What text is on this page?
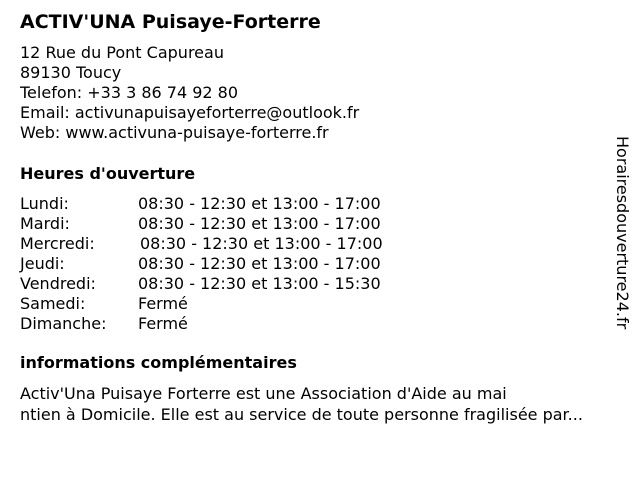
ACTIV'UNA Puisaye-Forterre
12 Rue du Pont Capureau
89130 Toucy
Telefon: +33 3 86 74 92 80
Email: activunapuisayeforterre@outlook.fr
Web: www.activuna-puisaye-forterre.fr
Heures d'ouverture
Lundi:	08:30 - 12:30 et 13:00 - 17:00
Mardi:	08:30 - 12:30 et 13:00 - 17:00
Mercredi:	08:30 - 12:30 et 13:00 - 17:00
Jeudi:	08:30 - 12:30 et 13:00 - 17:00
Vendredi:	08:30 - 12:30 et 13:00 - 15:30
Samedi:	Fermé
Dimanche: Fermé
informations complémentaires
Activ'Una Puisaye Forterre est une Association d'Aide au mai
ntien à Domicile. Elle est au service de toute personne fragilisée par...
Horairesdouverture24.fr
